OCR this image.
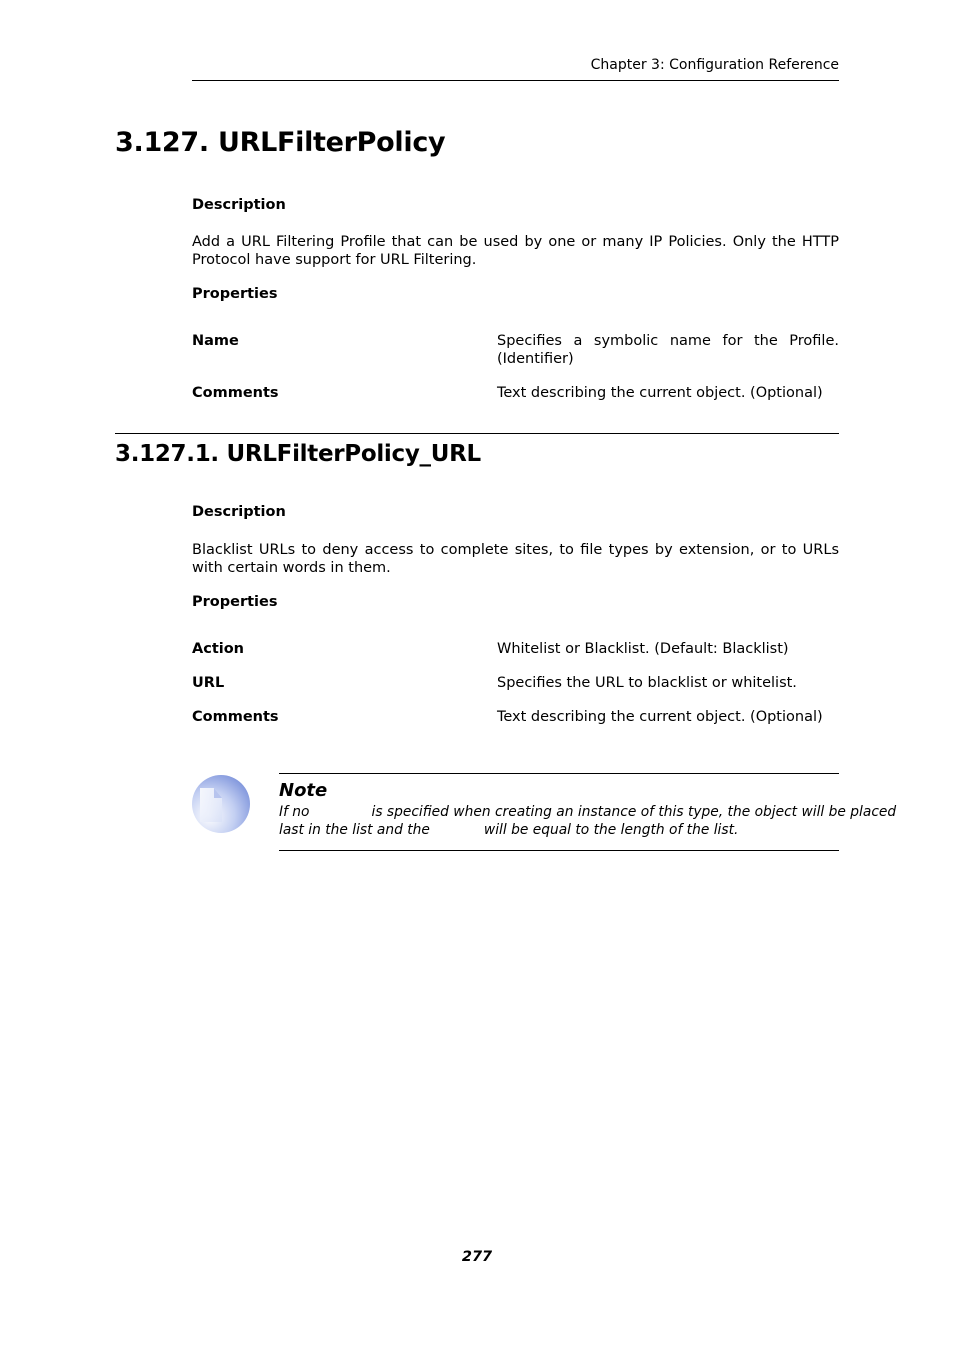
Chapter 3: Configuration Reference
3.127. URLFilterPolicy
Description
Add a URL Filtering Profile that can be used by one or many IP Policies. Only the HTTP Protocol have support for URL Filtering.
Properties
Name	Specifies a symbolic name for the Profile. (Identifier)
Comments	Text describing the current object. (Optional)
3.127.1. URLFilterPolicy_URL
Description
Blacklist URLs to deny access to complete sites, to file types by extension, or to URLs with certain words in them.
Properties
Action	Whitelist or Blacklist. (Default: Blacklist)
URL	Specifies the URL to blacklist or whitelist.
Comments	Text describing the current object. (Optional)
Note
If no	is specified when creating an instance of this type, the object will be placed
last in the list and the	will be equal to the length of the list.
277
